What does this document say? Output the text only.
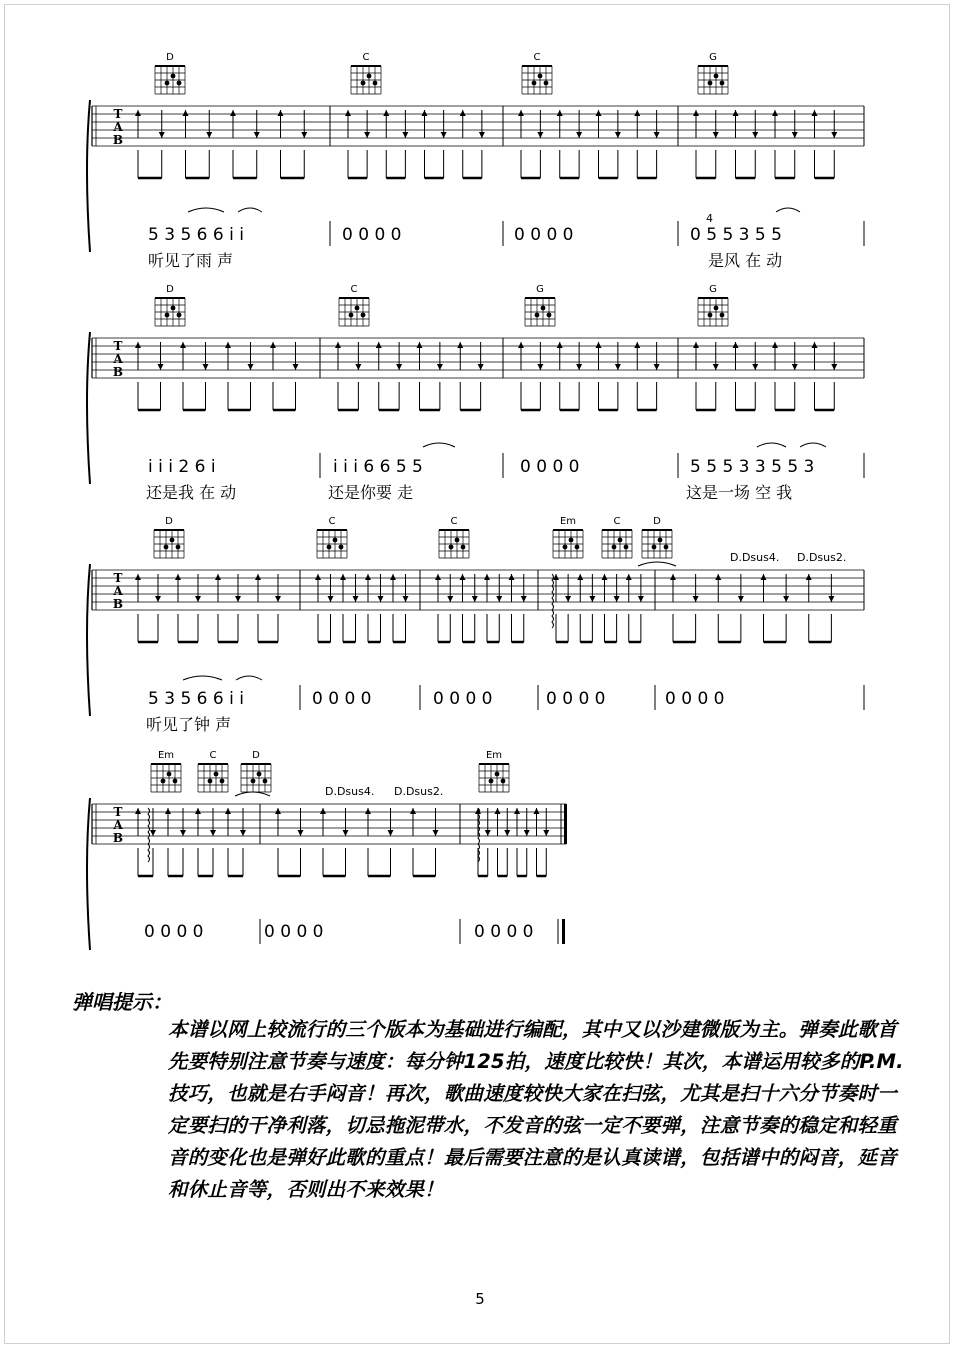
T
A
B
T
A
B
T
A
B
T
A
B
D	C	C	G
D	C	G	G
D	C	C	Em	C	D
Em	C	D	Em
5 3 5 6 6 i i	0 0 0 0	0 0 0 0	0 5 5 3 5 5
4
听见了雨 声	是风 在 动
i i i 2 6 i	i i i 6 6 5 5	0 0 0 0	5 5 5 3 3 5 5 3
还是我 在 动	还是你要 走	这是一场 空 我
5 3 5 6 6 i i	0 0 0 0	0 0 0 0	0 0 0 0	0 0 0 0
听见了钟 声
D.Dsus4. D.Dsus2.
0 0 0 0	0 0 0 0	0 0 0 0
D.Dsus4. D.Dsus2.
弹唱提示：

本谱以网上较流行的三个版本为基础进行编配，其中又以沙建微版为主。弹奏此歌首先要特别注意节奏与速度：每分钟125拍，速度比较快！其次，本谱运用较多的P.M.技巧，也就是右手闷音！再次，歌曲速度较快大家在扫弦，尤其是扫十六分节奏时一定要扫的干净利落，切忌拖泥带水，不发音的弦一定不要弹，注意节奏的稳定和轻重音的变化也是弹好此歌的重点！最后需要注意的是认真读谱，包括谱中的闷音，延音和休止音等，否则出不来效果！

5
